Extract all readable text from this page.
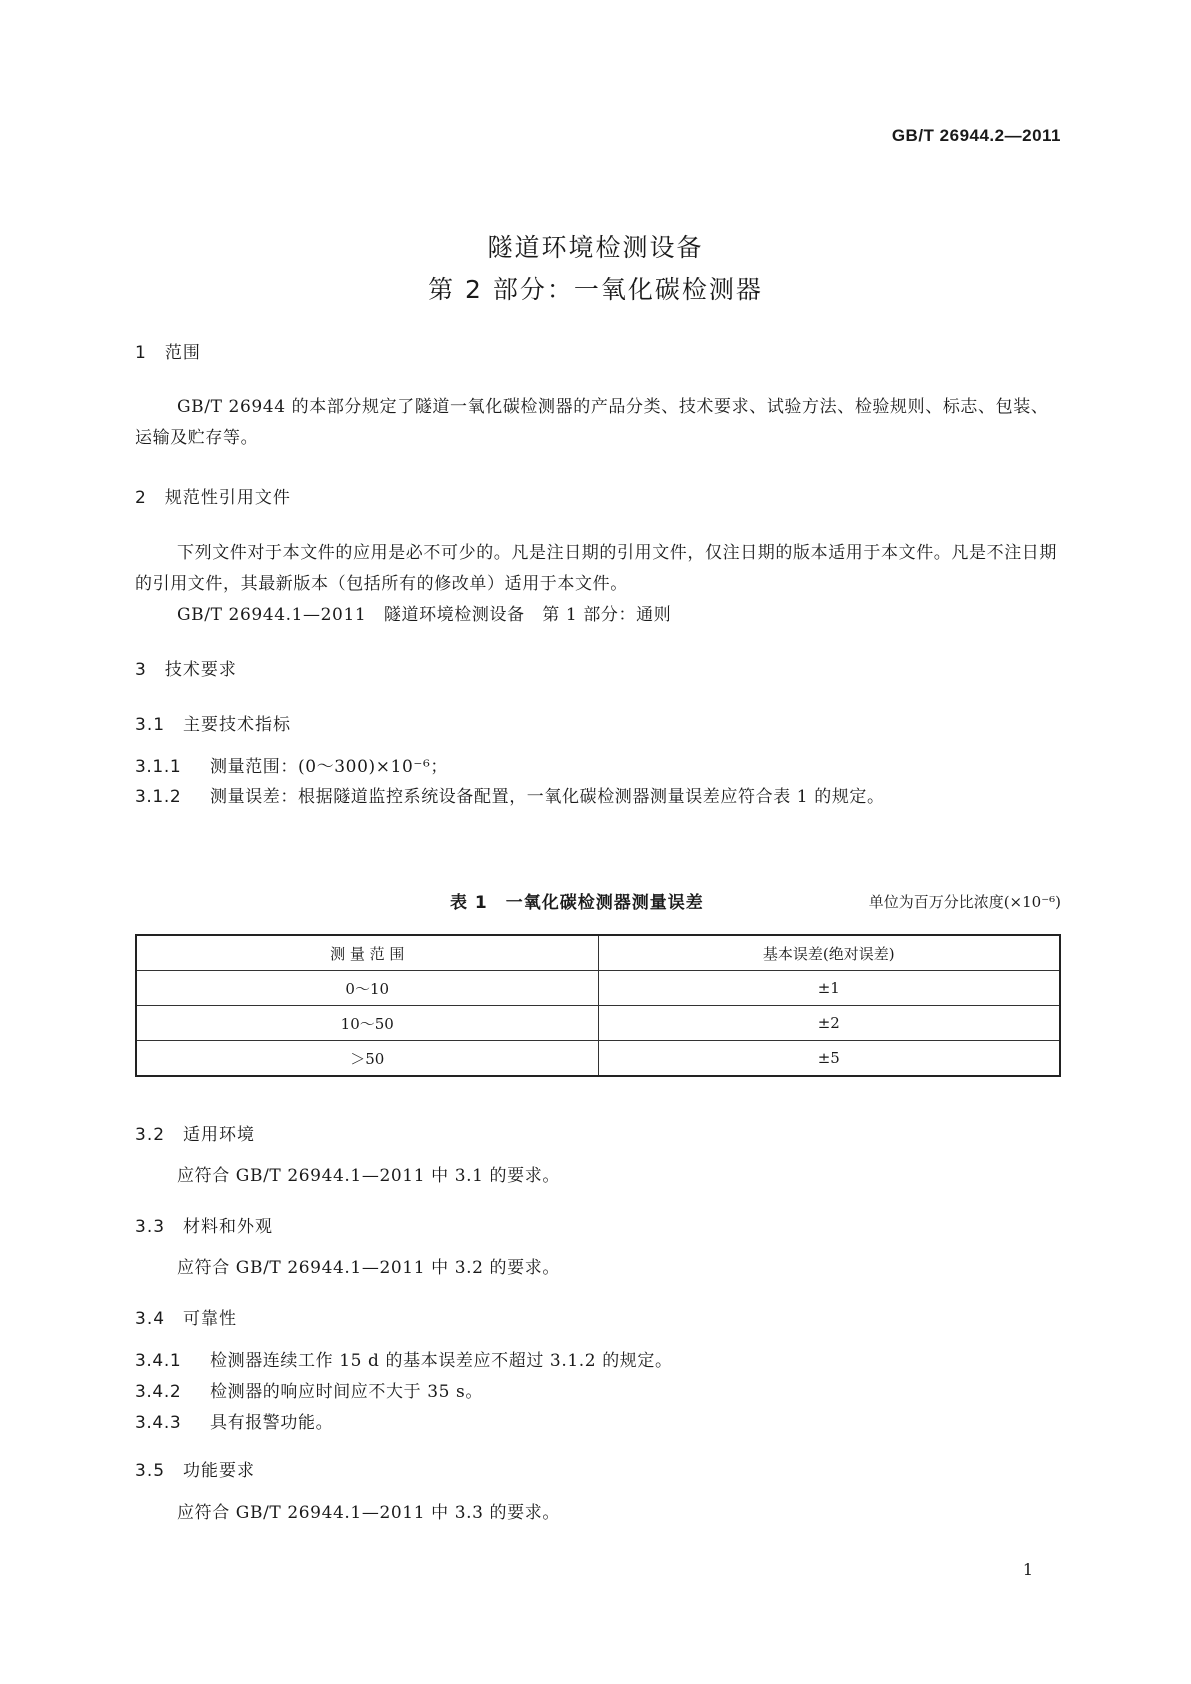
GB/T 26944.2—2011
隧道环境检测设备
第 2 部分：一氧化碳检测器
1 范围
GB/T 26944 的本部分规定了隧道一氧化碳检测器的产品分类、技术要求、试验方法、检验规则、标志、包装、运输及贮存等。
2 规范性引用文件
下列文件对于本文件的应用是必不可少的。凡是注日期的引用文件，仅注日期的版本适用于本文件。凡是不注日期的引用文件，其最新版本（包括所有的修改单）适用于本文件。
GB/T 26944.1—2011　隧道环境检测设备　第 1 部分：通则
3 技术要求
3.1 主要技术指标
3.1.1 测量范围：(0～300)×10⁻⁶；
3.1.2 测量误差：根据隧道监控系统设备配置，一氧化碳检测器测量误差应符合表 1 的规定。
表 1 一氧化碳检测器测量误差	单位为百万分比浓度(×10⁻⁶)
测 量 范 围	基本误差(绝对误差)
0～10	±1
10～50	±2
＞50	±5
3.2 适用环境
应符合 GB/T 26944.1—2011 中 3.1 的要求。
3.3 材料和外观
应符合 GB/T 26944.1—2011 中 3.2 的要求。
3.4 可靠性
3.4.1 检测器连续工作 15 d 的基本误差应不超过 3.1.2 的规定。
3.4.2 检测器的响应时间应不大于 35 s。
3.4.3 具有报警功能。
3.5 功能要求
应符合 GB/T 26944.1—2011 中 3.3 的要求。
1
